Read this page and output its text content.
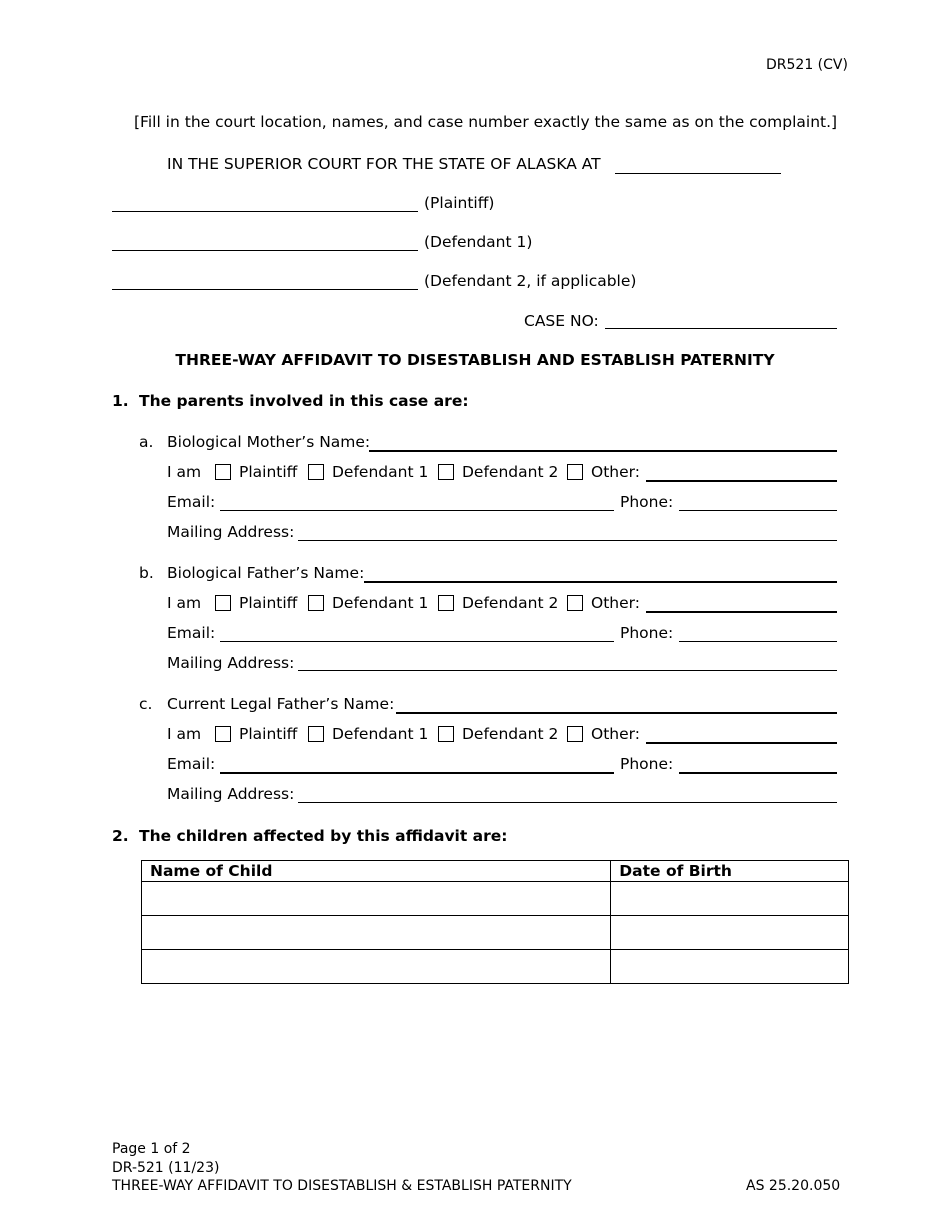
DR521 (CV)
[Fill in the court location, names, and case number exactly the same as on the complaint.]
IN THE SUPERIOR COURT FOR THE STATE OF ALASKA AT
(Plaintiff)
(Defendant 1)
(Defendant 2, if applicable)
CASE NO:
THREE-WAY AFFIDAVIT TO DISESTABLISH AND ESTABLISH PATERNITY
1. The parents involved in this case are:
a. Biological Mother’s Name:
I am Plaintiff Defendant 1 Defendant 2 Other:
Email:	Phone:
Mailing Address:
b. Biological Father’s Name:
I am Plaintiff Defendant 1 Defendant 2 Other:
Email:	Phone:
Mailing Address:
c. Current Legal Father’s Name:
I am Plaintiff Defendant 1 Defendant 2 Other:
Email:	Phone:
Mailing Address:
2. The children affected by this affidavit are:
Name of Child	Date of Birth

Page 1 of 2
DR-521 (11/23)
THREE-WAY AFFIDAVIT TO DISESTABLISH & ESTABLISH PATERNITY	AS 25.20.050
